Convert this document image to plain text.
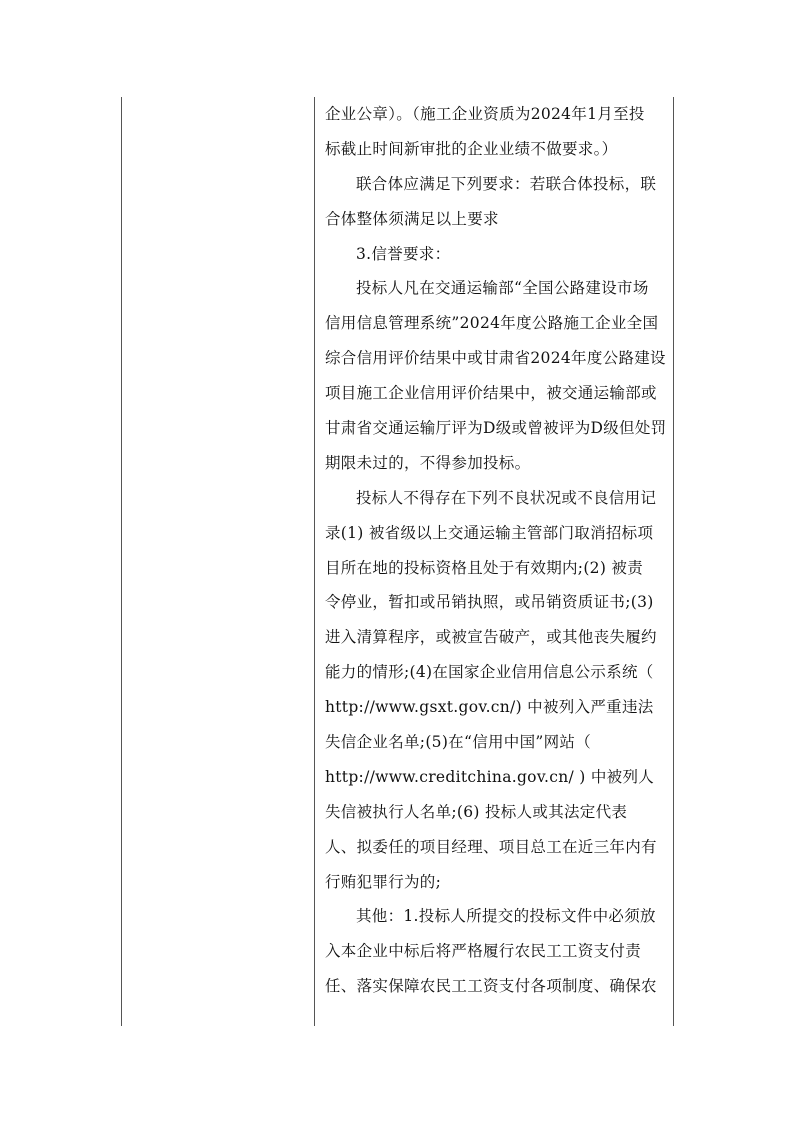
企业公章）。（施工企业资质为2024年1月至投
标截止时间新审批的企业业绩不做要求。）
联合体应满足下列要求：若联合体投标，联
合体整体须满足以上要求
3.信誉要求：
投标人凡在交通运输部“全国公路建设市场
信用信息管理系统”2024年度公路施工企业全国
综合信用评价结果中或甘肃省2024年度公路建设
项目施工企业信用评价结果中，被交通运输部或
甘肃省交通运输厅评为D级或曾被评为D级但处罚
期限未过的，不得参加投标。
投标人不得存在下列不良状况或不良信用记
录(1) 被省级以上交通运输主管部门取消招标项
目所在地的投标资格且处于有效期内;(2) 被责
令停业，暂扣或吊销执照，或吊销资质证书;(3)
进入清算程序，或被宣告破产，或其他丧失履约
能力的情形;(4)在国家企业信用信息公示系统（
http://www.gsxt.gov.cn/) 中被列入严重违法
失信企业名单;(5)在“信用中国”网站（
http://www.creditchina.gov.cn/ ) 中被列人
失信被执行人名单;(6) 投标人或其法定代表
人、拟委任的项目经理、项目总工在近三年内有
行贿犯罪行为的;
其他：1.投标人所提交的投标文件中必须放
入本企业中标后将严格履行农民工工资支付责
任、落实保障农民工工资支付各项制度、确保农
